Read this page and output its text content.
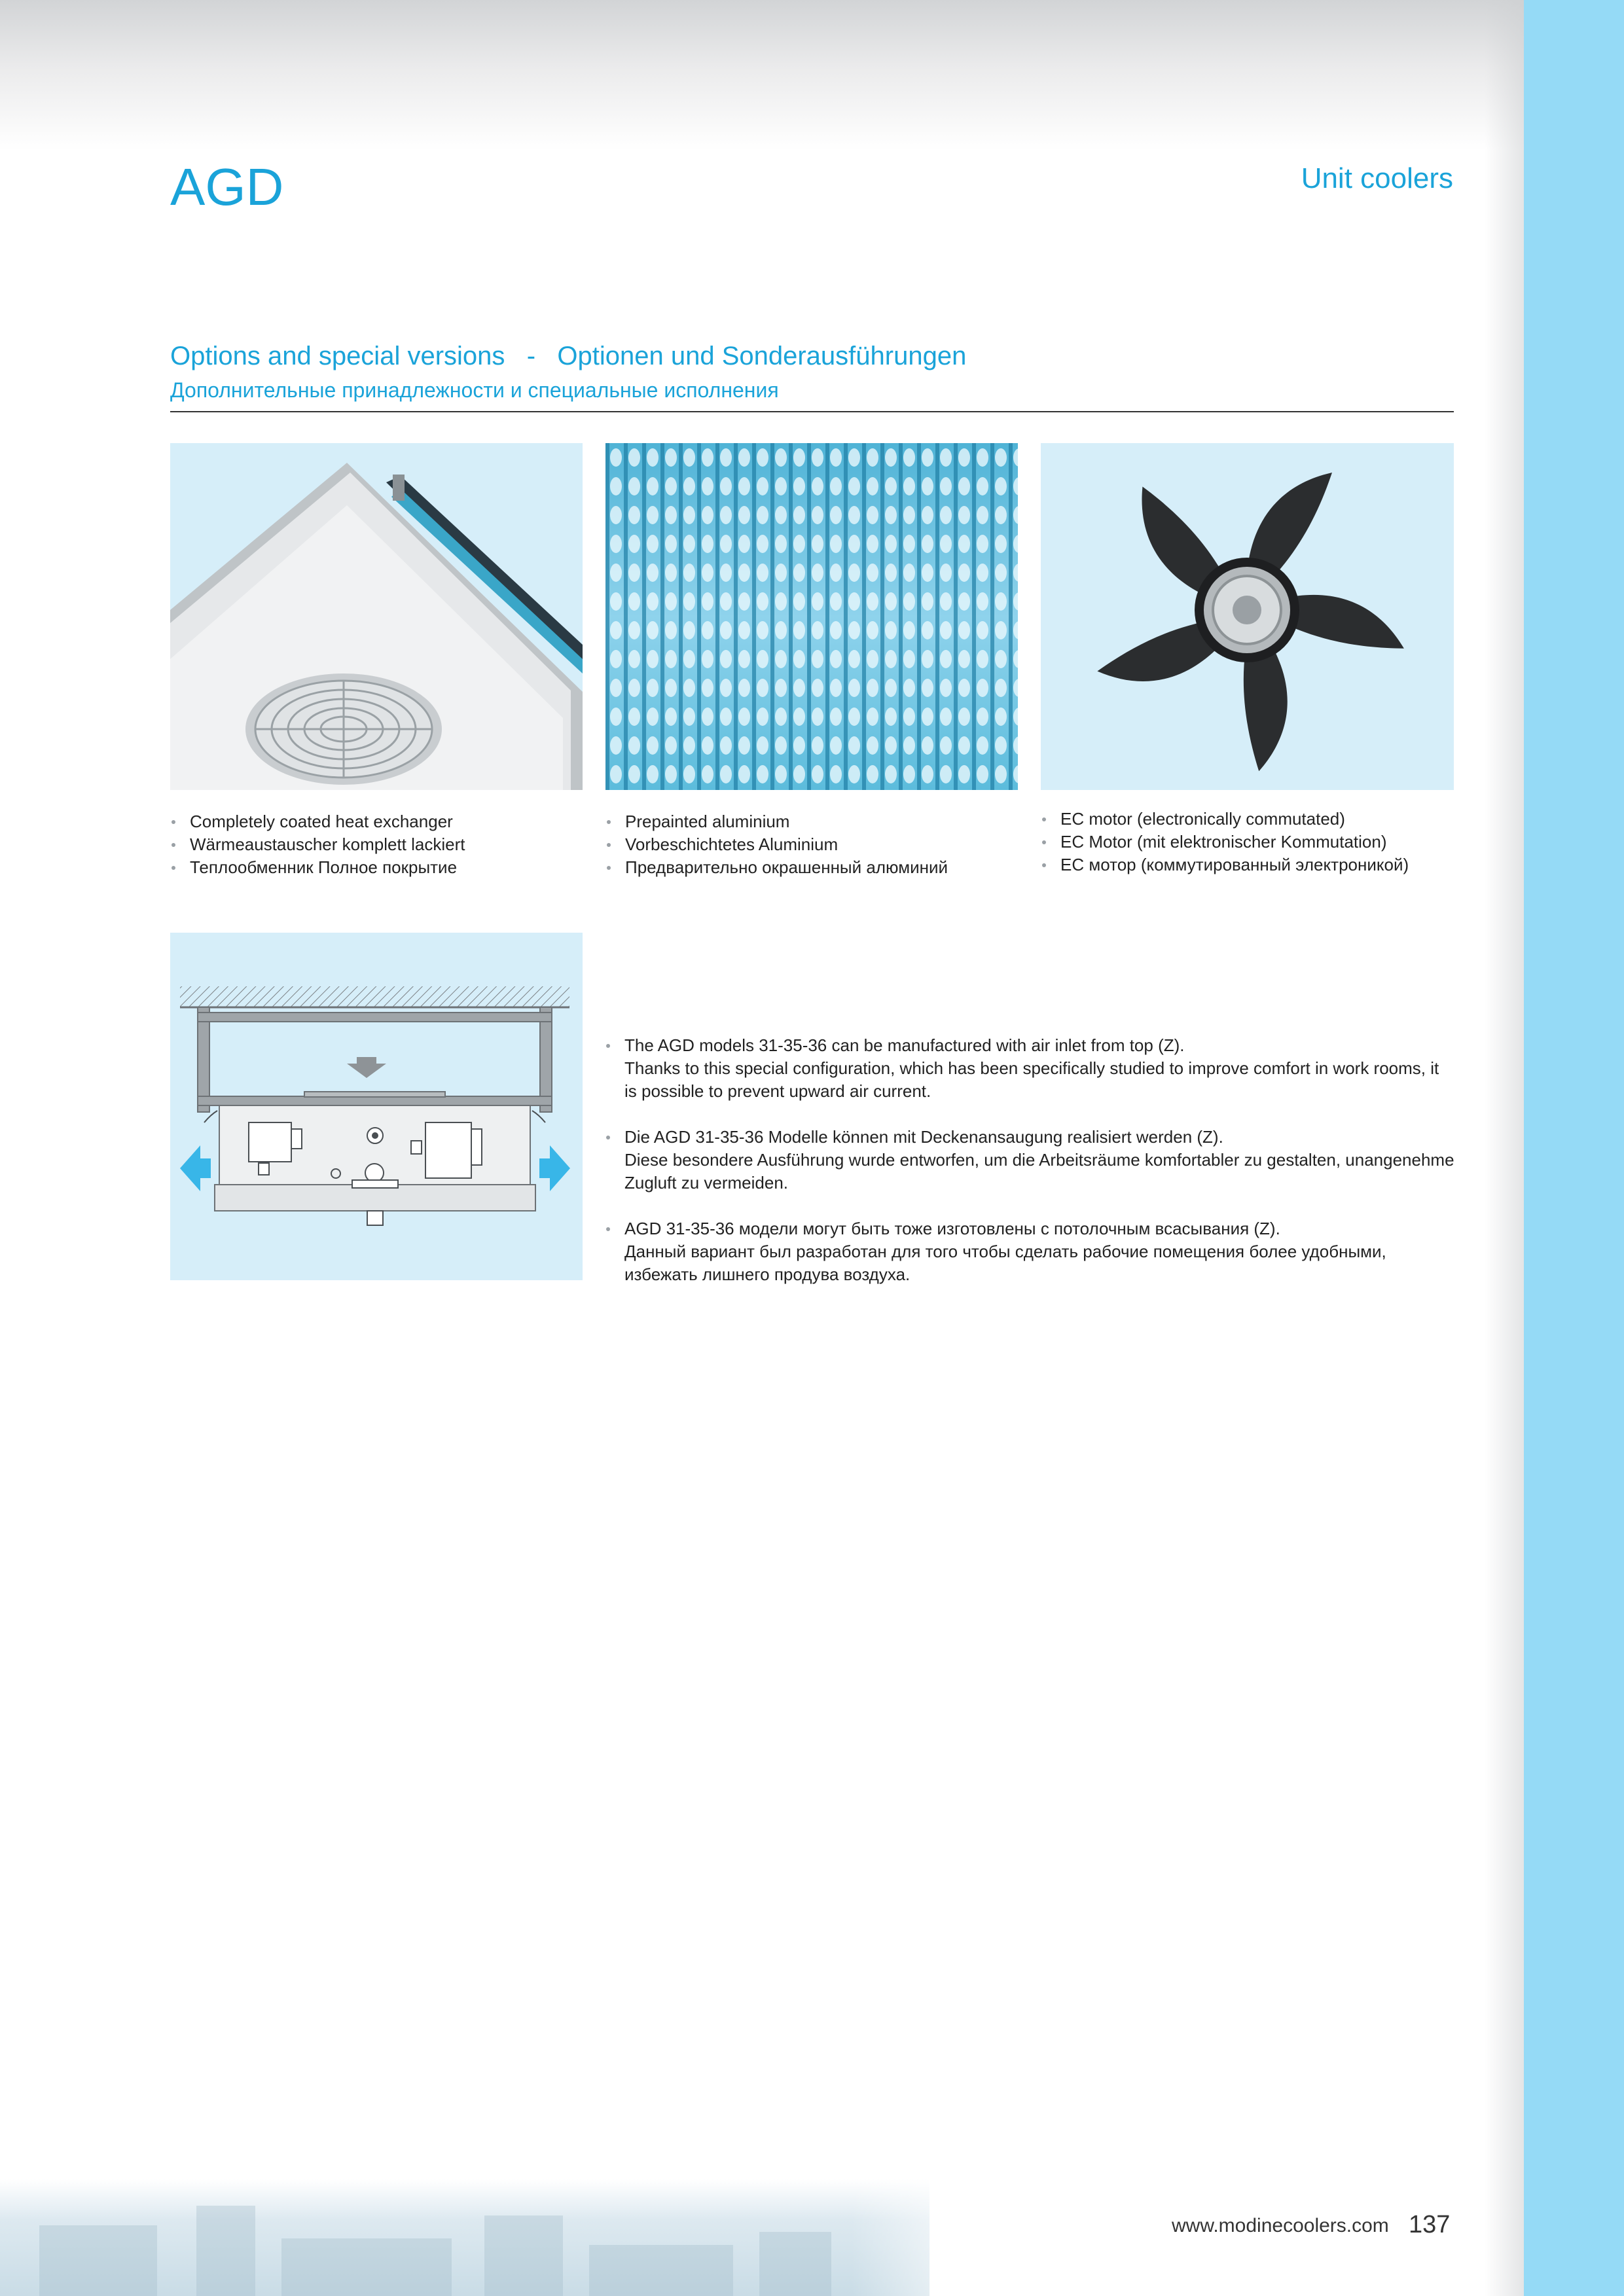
AGD	Unit coolers
Options and special versions   -   Optionen und Sonderausführungen
Дополнительные принадлежности и специальные исполнения
Completely coated heat exchanger
Wärmeaustauscher komplett lackiert
Теплообменник Полное покрытие
Prepainted aluminium
Vorbeschichtetes Aluminium
Предварительно окрашенный алюминий
EC motor (electronically commutated)
EC Motor (mit elektronischer Kommutation)
EC мотор (коммутированный электроникой)
The AGD models 31-35-36 can be manufactured with air inlet from top (Z).
Thanks to this special configuration, which has been specifically studied to improve comfort in work rooms, it is possible to prevent upward air current.
Die AGD 31-35-36 Modelle können mit Deckenansaugung realisiert werden (Z).
Diese besondere Ausführung wurde entworfen, um die Arbeitsräume komfortabler zu gestalten, unangenehme Zugluft zu vermeiden.
AGD 31-35-36 модели могут быть тоже изготовлены с потолочным всасывания (Z).
Данный вариант был разработан для того чтобы сделать рабочие помещения более удобными, избежать лишнего продува воздуха.
www.modinecoolers.com 137
